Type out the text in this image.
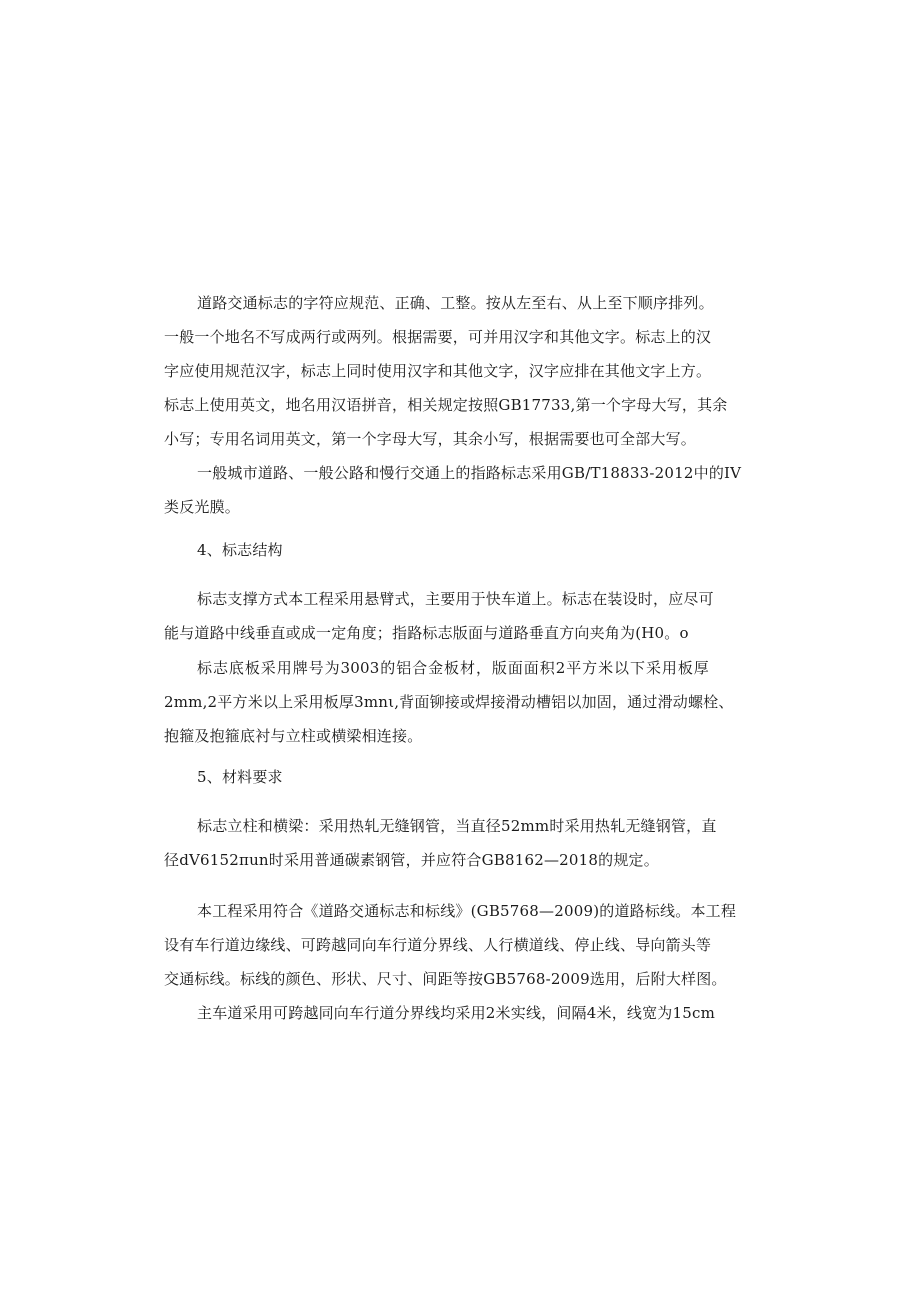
道路交通标志的字符应规范、正确、工整。按从左至右、从上至下顺序排列。
一般一个地名不写成两行或两列。根据需要，可并用汉字和其他文字。标志上的汉
字应使用规范汉字，标志上同时使用汉字和其他文字，汉字应排在其他文字上方。
标志上使用英文，地名用汉语拼音，相关规定按照GB17733,第一个字母大写，其余
小写；专用名词用英文，第一个字母大写，其余小写，根据需要也可全部大写。
一般城市道路、一般公路和慢行交通上的指路标志采用GB/T18833-2012中的IV
类反光膜。
4、标志结构
标志支撑方式本工程采用悬臂式，主要用于快车道上。标志在装设时，应尽可
能与道路中线垂直或成一定角度；指路标志版面与道路垂直方向夹角为(H0。o
标志底板采用牌号为3003的铝合金板材，版面面积2平方米以下采用板厚
2mm,2平方米以上采用板厚3mnι,背面铆接或焊接滑动槽铝以加固，通过滑动螺栓、
抱箍及抱箍底衬与立柱或横梁相连接。
5、材料要求
标志立柱和横梁：采用热轧无缝钢管，当直径52mm时采用热轧无缝钢管，直
径dV6152πun时采用普通碳素钢管，并应符合GB8162—2018的规定。
本工程采用符合《道路交通标志和标线》(GB5768—2009)的道路标线。本工程
设有车行道边缘线、可跨越同向车行道分界线、人行横道线、停止线、导向箭头等
交通标线。标线的颜色、形状、尺寸、间距等按GB5768-2009选用，后附大样图。
主车道采用可跨越同向车行道分界线均采用2米实线，间隔4米，线宽为15cm
